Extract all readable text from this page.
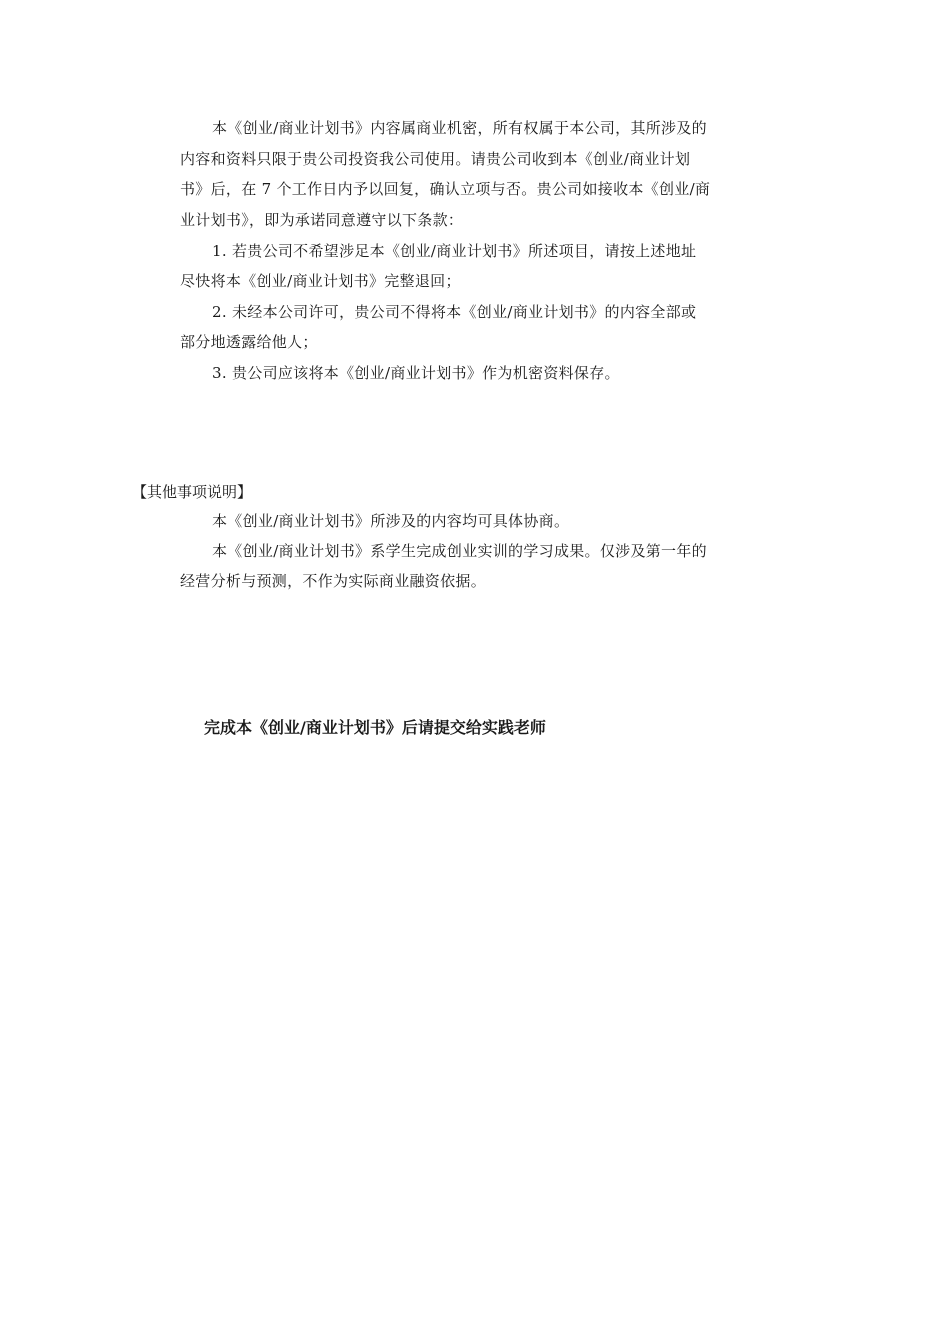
本《创业/商业计划书》内容属商业机密，所有权属于本公司，其所涉及的
内容和资料只限于贵公司投资我公司使用。请贵公司收到本《创业/商业计划
书》后，在 7 个工作日内予以回复，确认立项与否。贵公司如接收本《创业/商
业计划书》，即为承诺同意遵守以下条款：
1. 若贵公司不希望涉足本《创业/商业计划书》所述项目，请按上述地址
尽快将本《创业/商业计划书》完整退回；
2. 未经本公司许可，贵公司不得将本《创业/商业计划书》的内容全部或
部分地透露给他人；
3. 贵公司应该将本《创业/商业计划书》作为机密资料保存。
【其他事项说明】
本《创业/商业计划书》所涉及的内容均可具体协商。
本《创业/商业计划书》系学生完成创业实训的学习成果。仅涉及第一年的
经营分析与预测，不作为实际商业融资依据。
完成本《创业/商业计划书》后请提交给实践老师
